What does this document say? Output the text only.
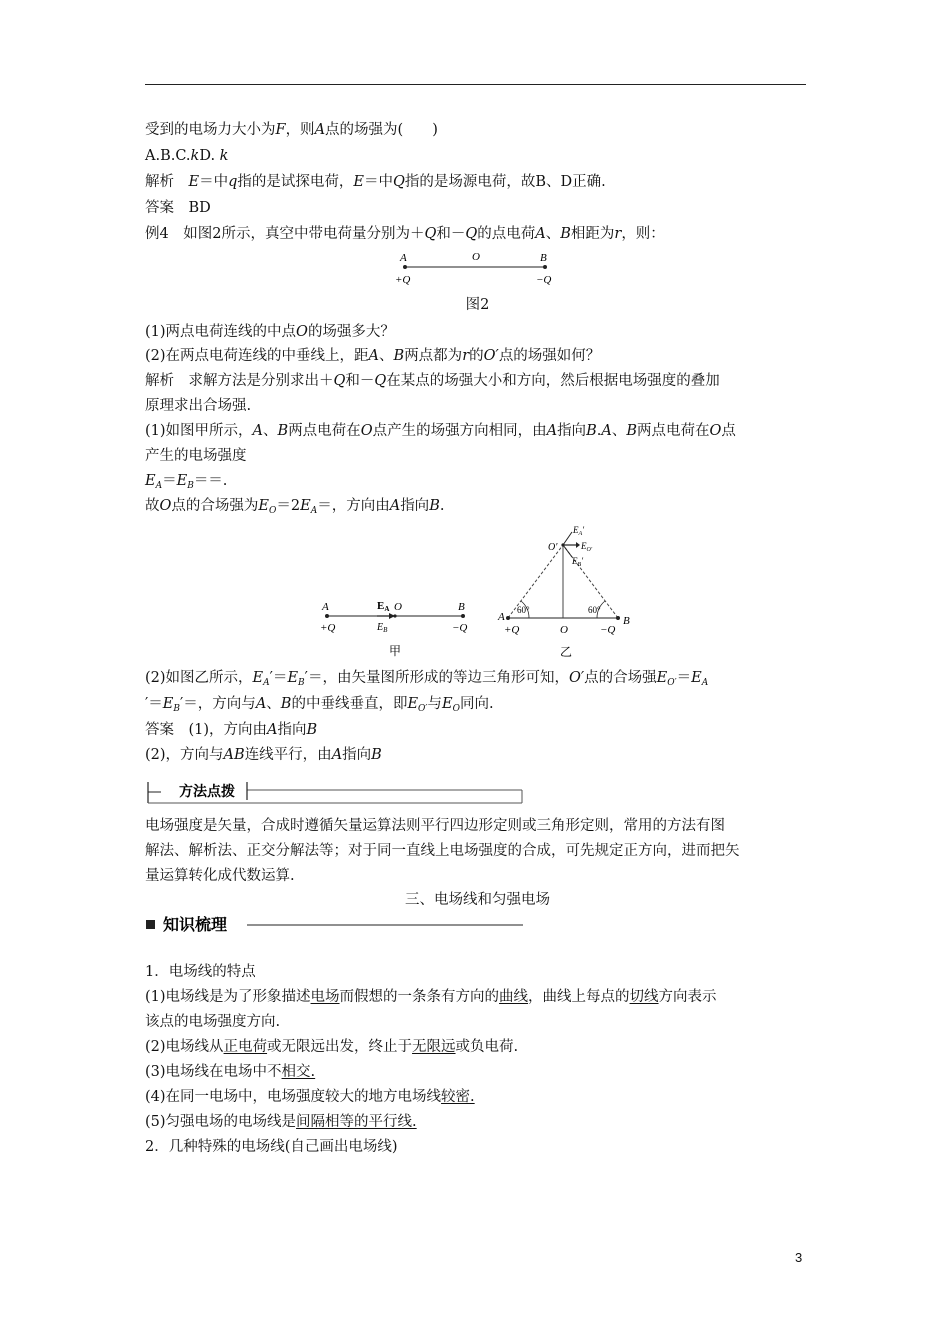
受到的电场力大小为F，则A点的场强为(　　)
A.B.C.kD. k
解析　E＝中q指的是试探电荷，E＝中Q指的是场源电荷，故B、D正确.
答案　BD
例4　如图2所示，真空中带电荷量分别为＋Q和－Q的点电荷A、B相距为r，则：
A	O	B
+Q	−Q
图2
(1)两点电荷连线的中点O的场强多大？
(2)在两点电荷连线的中垂线上，距A、B两点都为r的O′点的场强如何？
解析　求解方法是分别求出＋Q和－Q在某点的场强大小和方向，然后根据电场强度的叠加
原理求出合场强.
(1)如图甲所示，A、B两点电荷在O点产生的场强方向相同，由A指向B.A、B两点电荷在O点
产生的电场强度
$E_A=E_B==$.
故O点的合场强为$E_O=2E_A=$，方向由A指向B.
A	EA O	B
+Q	$E_B$	−Q
甲
O′
$E_A'$
$E_{O'}$
$E_B'$
60°	60°
A
+Q	O	−Q
B
乙
(2)如图乙所示，$E_A'=E_B'=$，由矢量图所形成的等边三角形可知，O′点的合场强$E_{O'}=E_A$
$'=E_B'=$，方向与A、B的中垂线垂直，即$E_{O'}$与$E_O$同向.
答案　(1)，方向由A指向B
(2)，方向与AB连线平行，由A指向B
方法点拨
电场强度是矢量，合成时遵循矢量运算法则平行四边形定则或三角形定则，常用的方法有图
解法、解析法、正交分解法等；对于同一直线上电场强度的合成，可先规定正方向，进而把矢
量运算转化成代数运算.
三、电场线和匀强电场
知识梳理
1．电场线的特点
(1)电场线是为了形象描述电场而假想的一条条有方向的曲线，曲线上每点的切线方向表示
该点的电场强度方向.
(2)电场线从正电荷或无限远出发，终止于无限远或负电荷.
(3)电场线在电场中不相交.
(4)在同一电场中，电场强度较大的地方电场线较密.
(5)匀强电场的电场线是间隔相等的平行线.
2．几种特殊的电场线(自己画出电场线)
3
